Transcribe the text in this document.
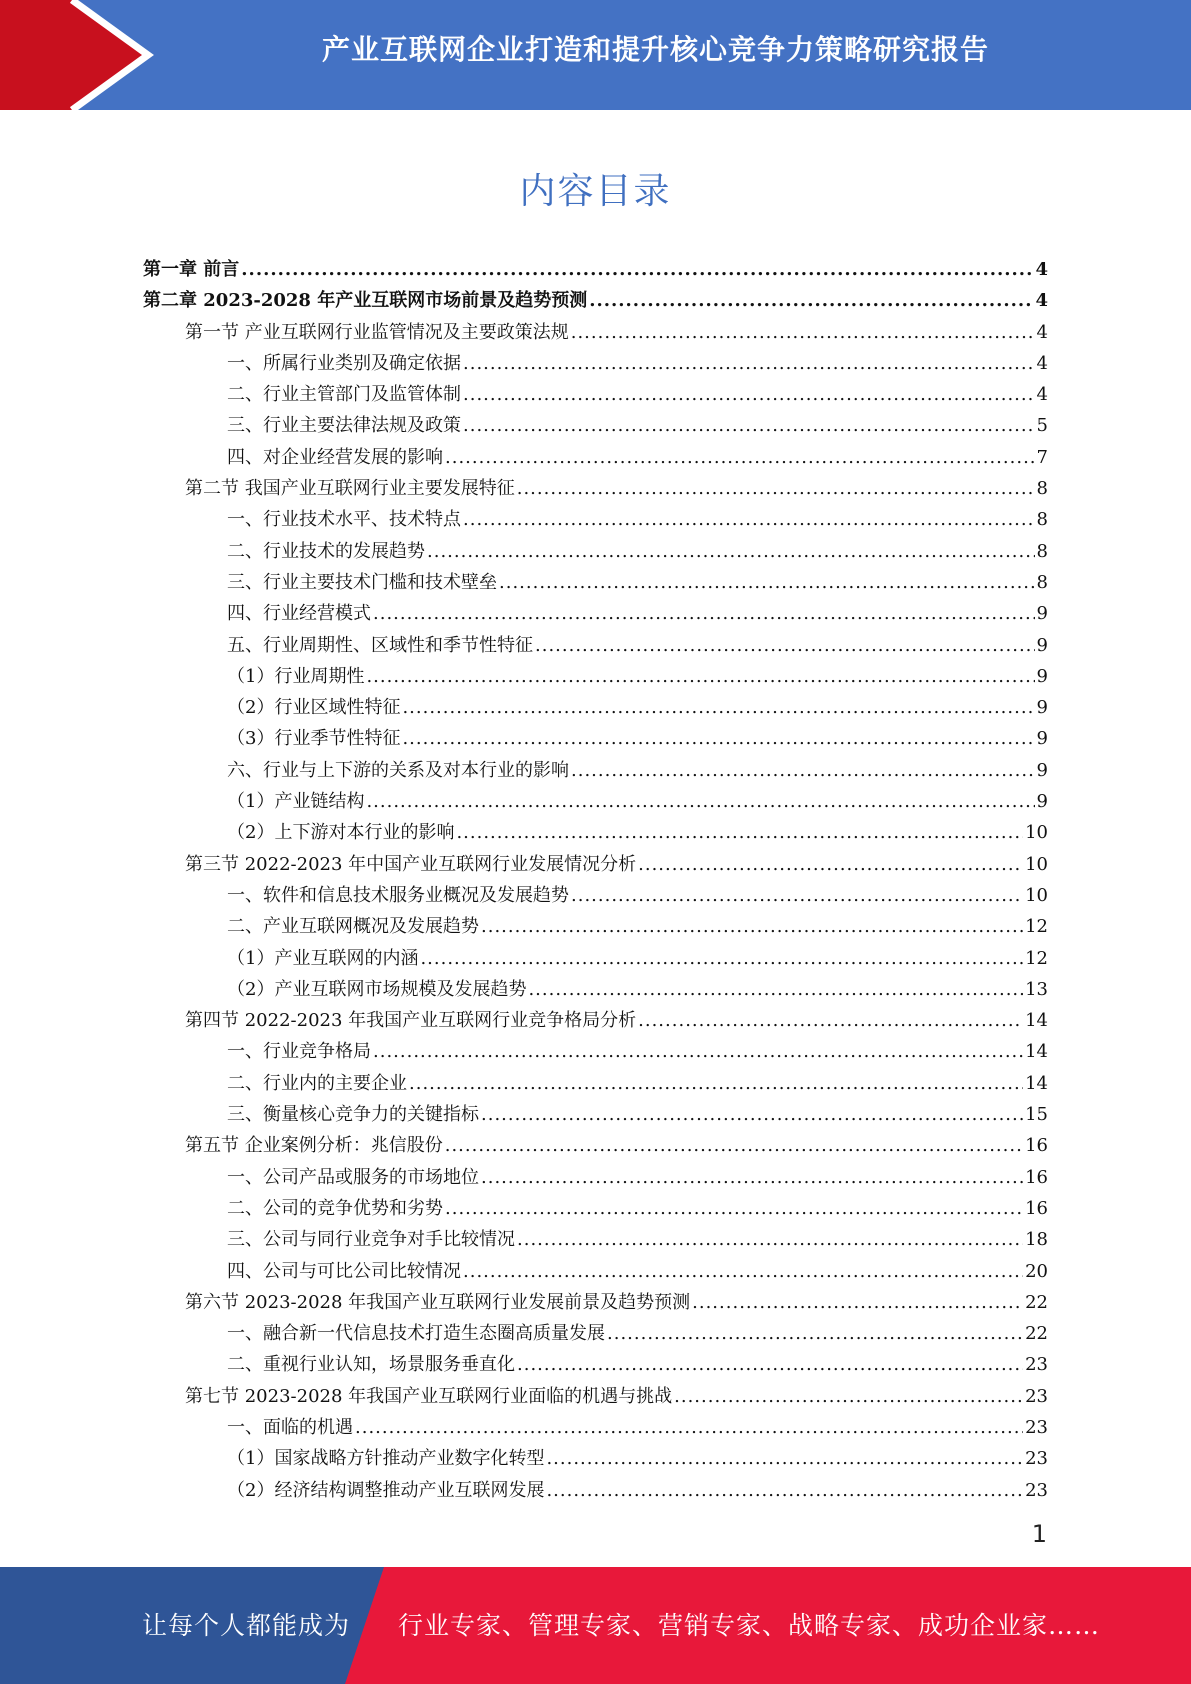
产业互联网企业打造和提升核心竞争力策略研究报告
内容目录
第一章 前言 .....	4
第二章 2023-2028 年产业互联网市场前景及趋势预测 .....	4
第一节 产业互联网行业监管情况及主要政策法规 .....	4
一、所属行业类别及确定依据 .....	4
二、行业主管部门及监管体制 .....	4
三、行业主要法律法规及政策 .....	5
四、对企业经营发展的影响 .....	7
第二节 我国产业互联网行业主要发展特征 .....	8
一、行业技术水平、技术特点 .....	8
二、行业技术的发展趋势 .....	8
三、行业主要技术门槛和技术壁垒 .....	8
四、行业经营模式 .....	9
五、行业周期性、区域性和季节性特征 .....	9
（1）行业周期性 .....	9
（2）行业区域性特征 .....	9
（3）行业季节性特征 .....	9
六、行业与上下游的关系及对本行业的影响 .....	9
（1）产业链结构 .....	9
（2）上下游对本行业的影响 .....	10
第三节 2022-2023 年中国产业互联网行业发展情况分析 .....	10
一、软件和信息技术服务业概况及发展趋势 .....	10
二、产业互联网概况及发展趋势 .....	12
（1）产业互联网的内涵 .....	12
（2）产业互联网市场规模及发展趋势 .....	13
第四节 2022-2023 年我国产业互联网行业竞争格局分析 .....	14
一、行业竞争格局 .....	14
二、行业内的主要企业 .....	14
三、衡量核心竞争力的关键指标 .....	15
第五节 企业案例分析：兆信股份 .....	16
一、公司产品或服务的市场地位 .....	16
二、公司的竞争优势和劣势 .....	16
三、公司与同行业竞争对手比较情况 .....	18
四、公司与可比公司比较情况 .....	20
第六节 2023-2028 年我国产业互联网行业发展前景及趋势预测 .....	22
一、融合新一代信息技术打造生态圈高质量发展 .....	22
二、重视行业认知，场景服务垂直化 .....	23
第七节 2023-2028 年我国产业互联网行业面临的机遇与挑战 .....	23
一、面临的机遇 .....	23
（1）国家战略方针推动产业数字化转型 .....	23
（2）经济结构调整推动产业互联网发展 .....	23
1
让每个人都能成为 行业专家、管理专家、营销专家、战略专家、成功企业家……
